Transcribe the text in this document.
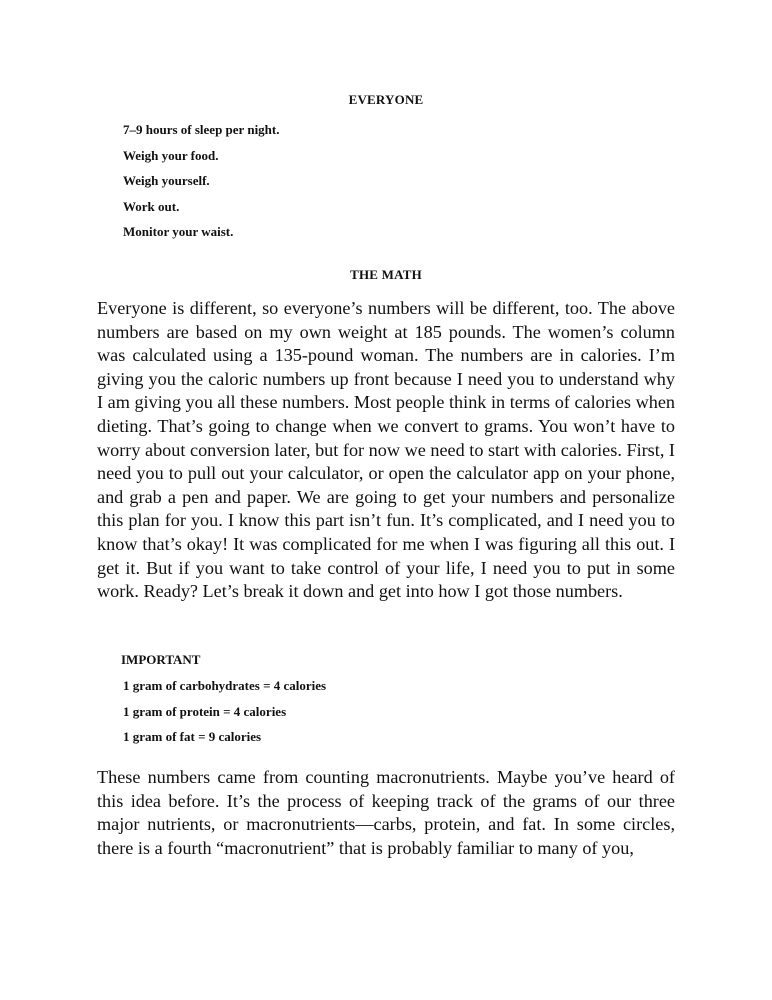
EVERYONE
7–9 hours of sleep per night.
Weigh your food.
Weigh yourself.
Work out.
Monitor your waist.
THE MATH

Everyone is different, so everyone’s numbers will be different, too. The above numbers are based on my own weight at 185 pounds. The women’s column was calculated using a 135-pound woman. The numbers are in calories. I’m giving you the caloric numbers up front because I need you to understand why I am giving you all these numbers. Most people think in terms of calories when dieting. That’s going to change when we convert to grams. You won’t have to worry about conversion later, but for now we need to start with calories. First, I need you to pull out your calculator, or open the calculator app on your phone, and grab a pen and paper. We are going to get your numbers and personalize this plan for you. I know this part isn’t fun. It’s complicated, and I need you to know that’s okay! It was complicated for me when I was figuring all this out. I get it. But if you want to take control of your life, I need you to put in some work. Ready? Let’s break it down and get into how I got those numbers.

IMPORTANT
1 gram of carbohydrates = 4 calories
1 gram of protein = 4 calories
1 gram of fat = 9 calories

These numbers came from counting macronutrients. Maybe you’ve heard of this idea before. It’s the process of keeping track of the grams of our three major nutrients, or macronutrients—carbs, protein, and fat. In some circles, there is a fourth “macronutrient” that is probably familiar to many of you,
